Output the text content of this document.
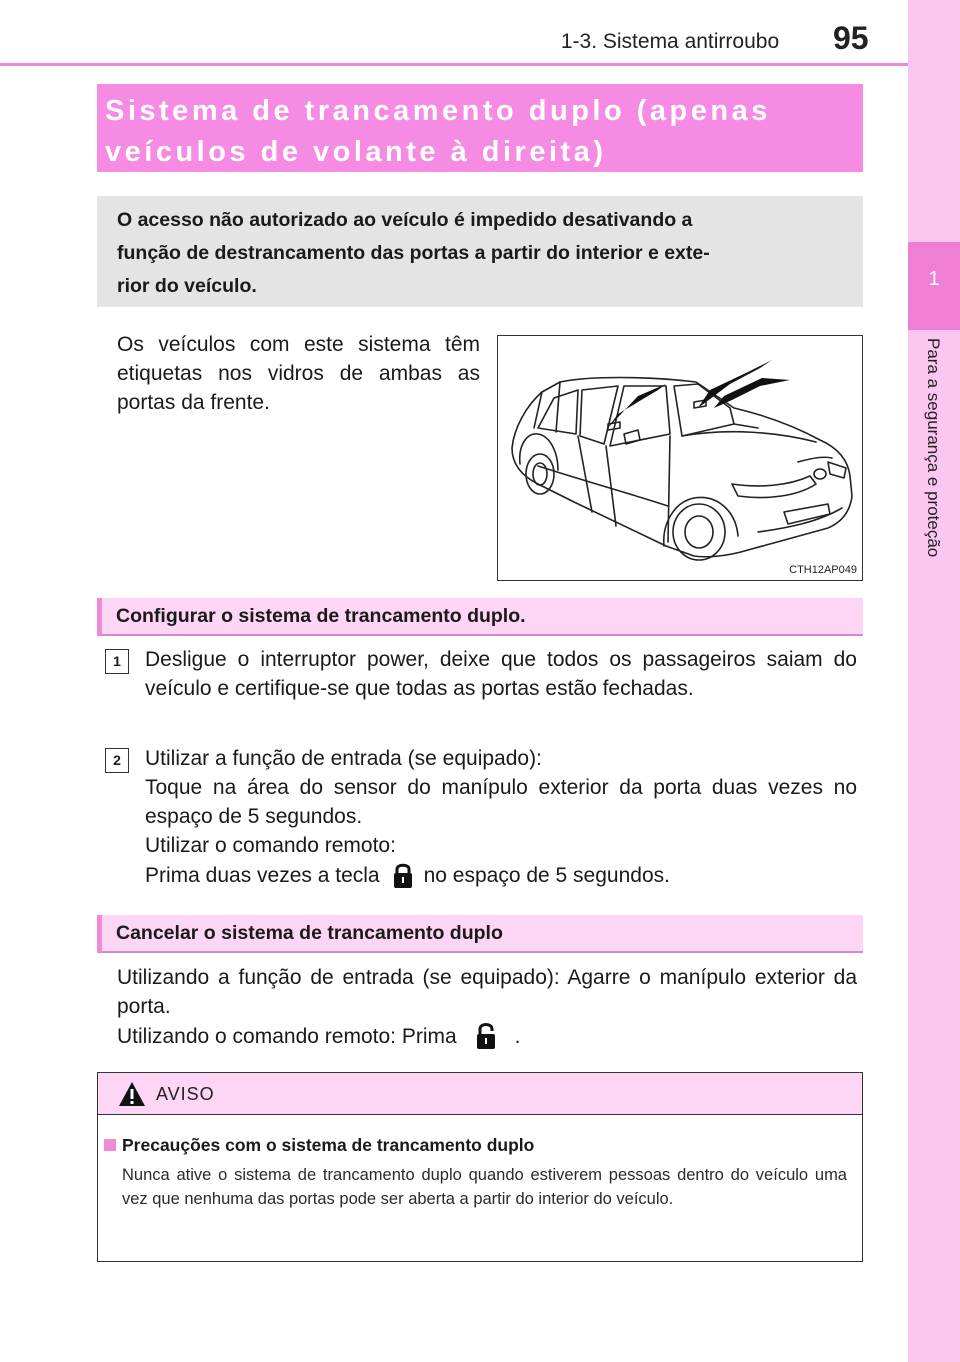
1-3. Sistema antirroubo	95
1
Para a segurança e proteção
Sistema de trancamento duplo (apenas
veículos de volante à direita)

O acesso não autorizado ao veículo é impedido desativando a
função de destrancamento das portas a partir do interior e exte-
rior do veículo.

Os veículos com este sistema têm etiquetas nos vidros de ambas as portas da frente.

CTH12AP049
Configurar o sistema de trancamento duplo.
1	Desligue o interruptor power, deixe que todos os passageiros saiam do veículo e certifique-se que todas as portas estão fechadas.

2	Utilizar a função de entrada (se equipado):
Toque na área do sensor do manípulo exterior da porta duas vezes no espaço de 5 segundos.
Utilizar o comando remoto:
Prima duas vezes a tecla no espaço de 5 segundos.
Cancelar o sistema de trancamento duplo
Utilizando a função de entrada (se equipado): Agarre o manípulo exterior da porta.
Utilizando o comando remoto: Prima	.
AVISO
Precauções com o sistema de trancamento duplo

Nunca ative o sistema de trancamento duplo quando estiverem pessoas dentro do veículo uma vez que nenhuma das portas pode ser aberta a partir do interior do veículo.
